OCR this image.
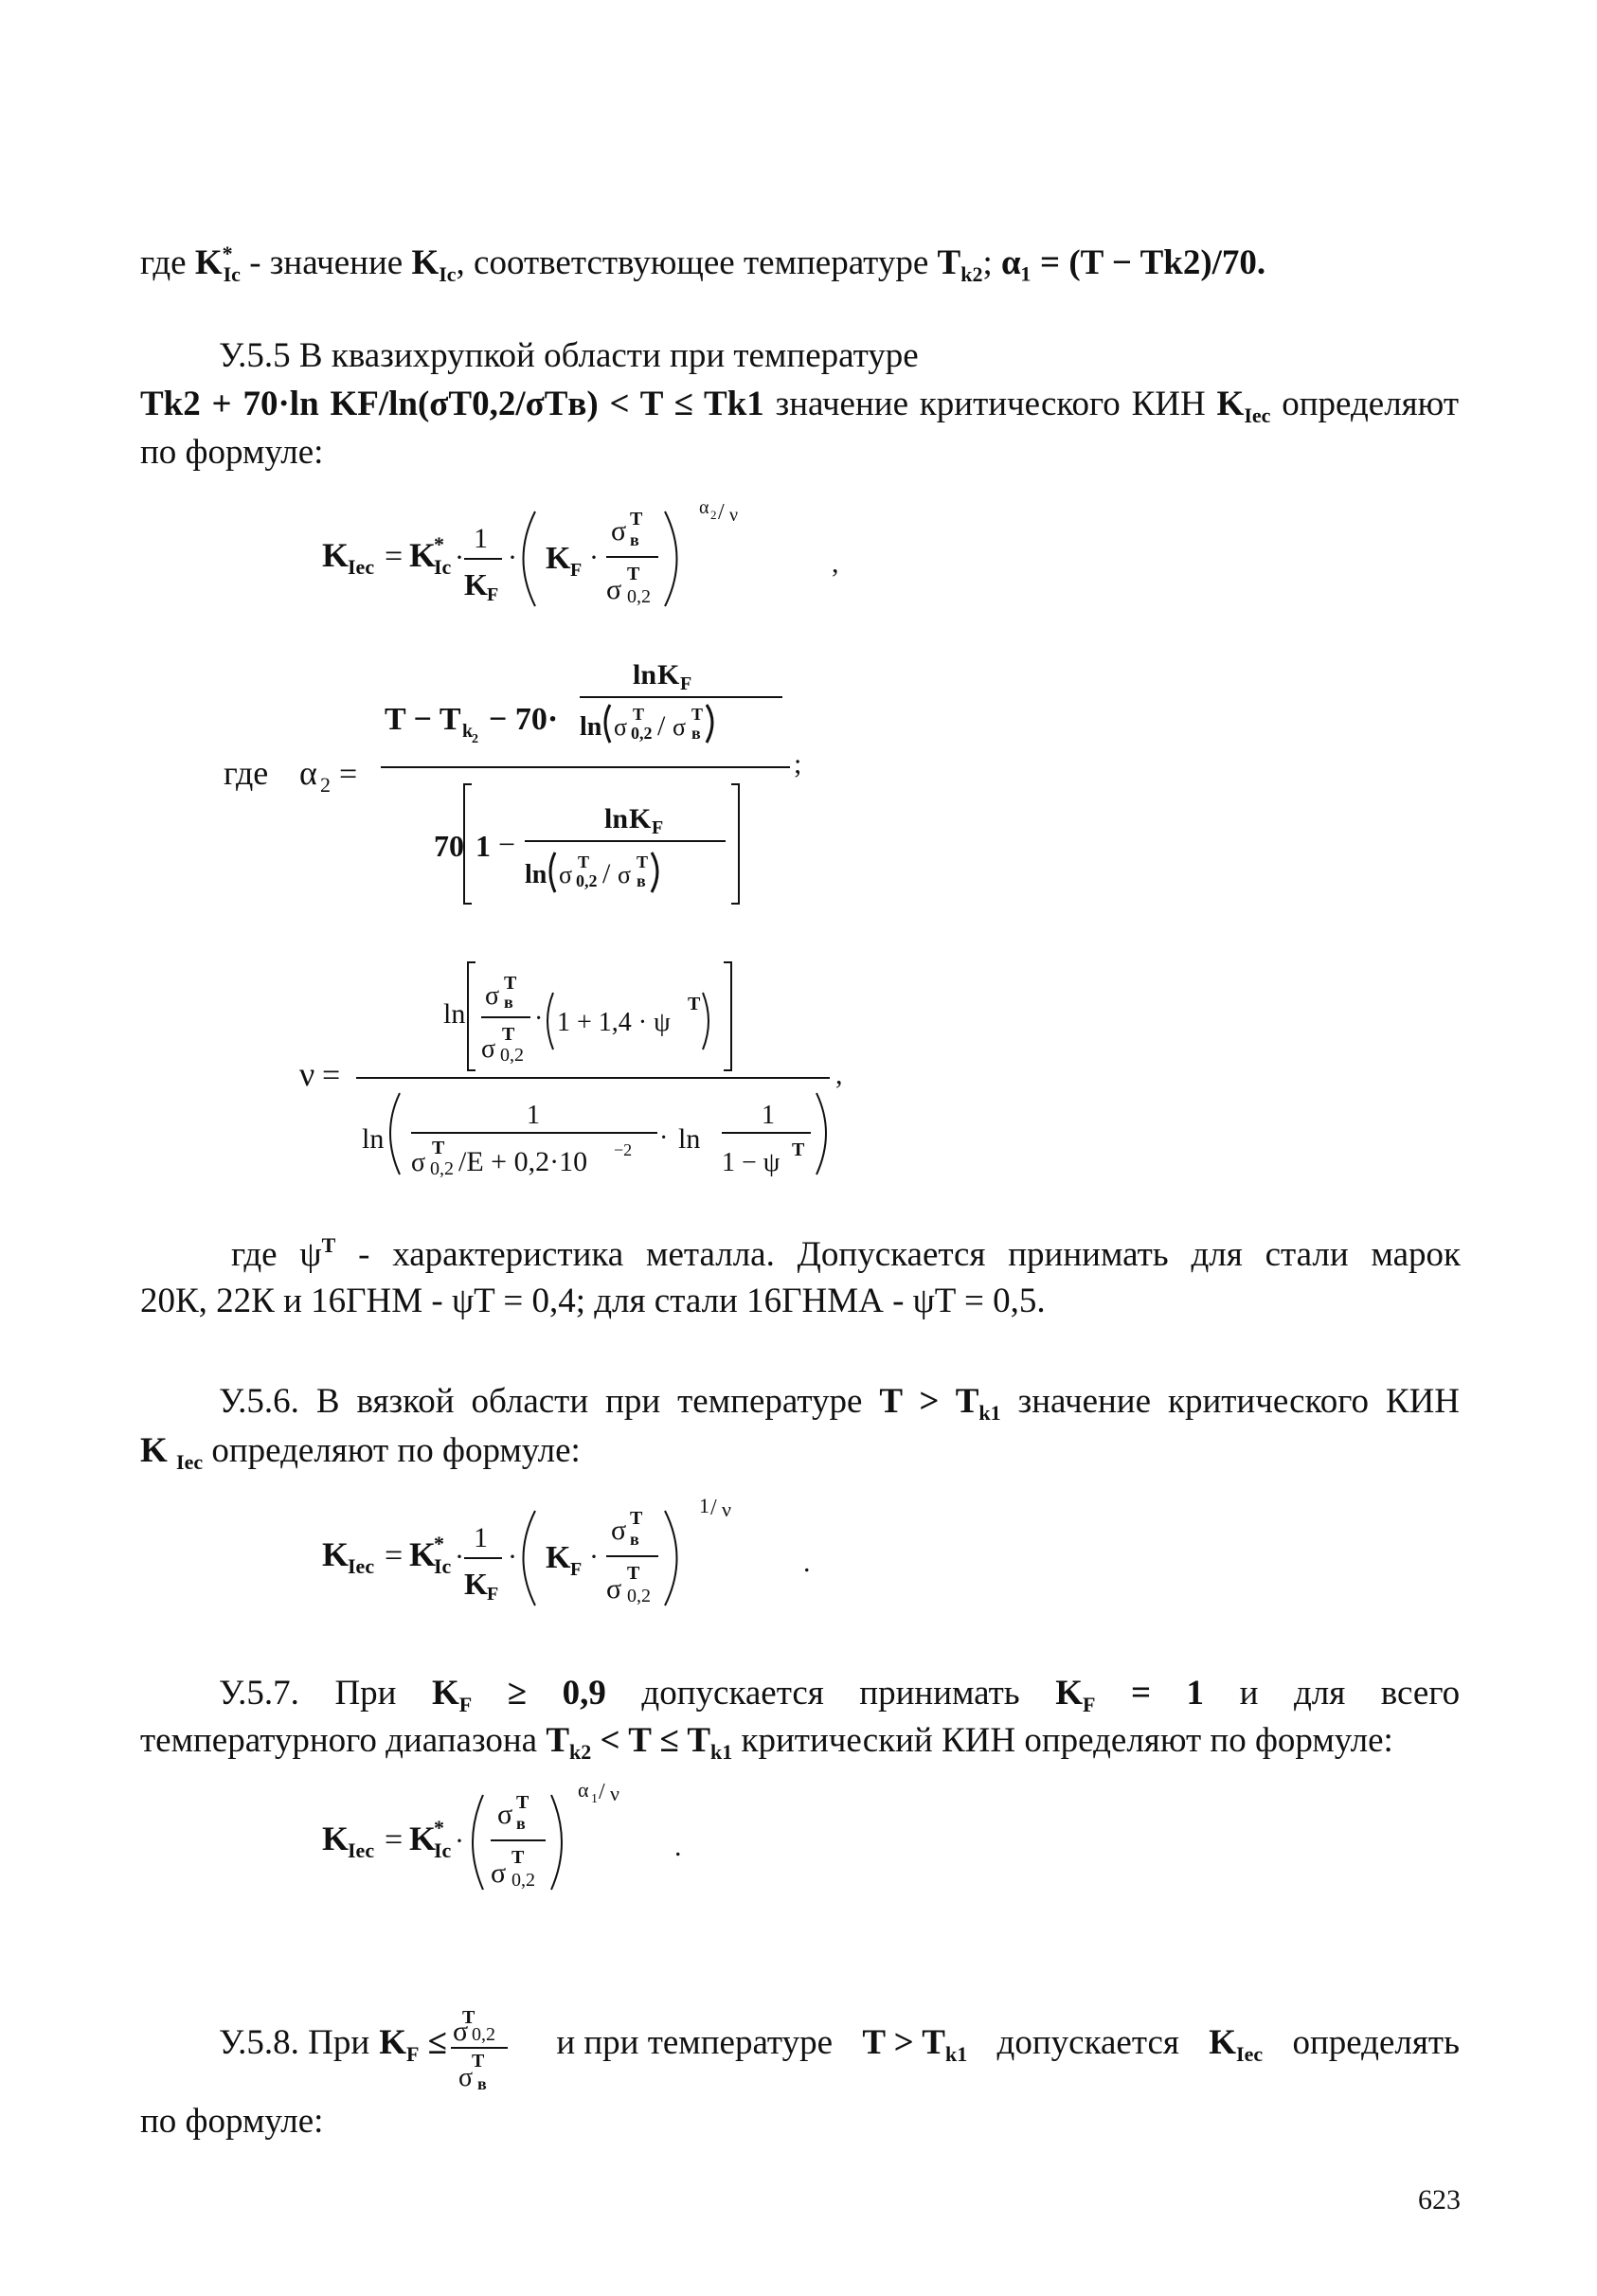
где $K^*_{Ic}$ - значение $K_{Ic}$, соответствующее температуре $T_{k2}$; α₁ = (T − Tk2)/70.
У.5.5 В квазихрупкой области при температуре
Tk2 + 70·ln KF/ln(σT0,2/σTв) < T ≤ Tk1 значение критического КИН $K_{Iec}$ определяют
по формуле:
K
Iec = K
*
Ic ·
1
K F
· K F ·
σ T
в
σ T
0,2
α 2 / ν
,
где α 2 =
T − T k
2
− 70·
ln K F
ln σ T
0,2 / σ T
в
;
70 1 −
ln K F
ln σ T
0,2 / σ T
в
ν =
ln
σ T
в
σ T
0,2
· 1 + 1,4 · ψ
T
,
ln
1
σ T
0,2 /E + 0,2·10 −2 · ln
1
1 − ψ T
где $\psi^T$ - характеристика металла. Допускается принимать для стали марок
20К, 22К и 16ГНМ - ψT = 0,4; для стали 16ГНМА - ψT = 0,5.
У.5.6. В вязкой области при температуре $T > T_{k1}$ значение критического КИН
K $_{Iec}$ определяют по формуле:
K
Iec = K
*
Ic ·
1
K F
· K F ·
σ T
в
σ T
0,2
1 / ν
.
У.5.7. При $K_F \ge 0,9$ допускается принимать $K_F = 1$ и для всего
температурного диапазона $T_{k2} < T \le T_{k1}$ критический КИН определяют по формуле:
K
Iec = K
*
Ic ·
σ T
в
σ T
0,2
α 1 / ν
.
У.5.8. При $K_F$ ≤
T
σ 0,2
T
σ в
и при температуре $T > T_{k1}$ допускается $K_{Iec}$ определять
по формуле:
623
